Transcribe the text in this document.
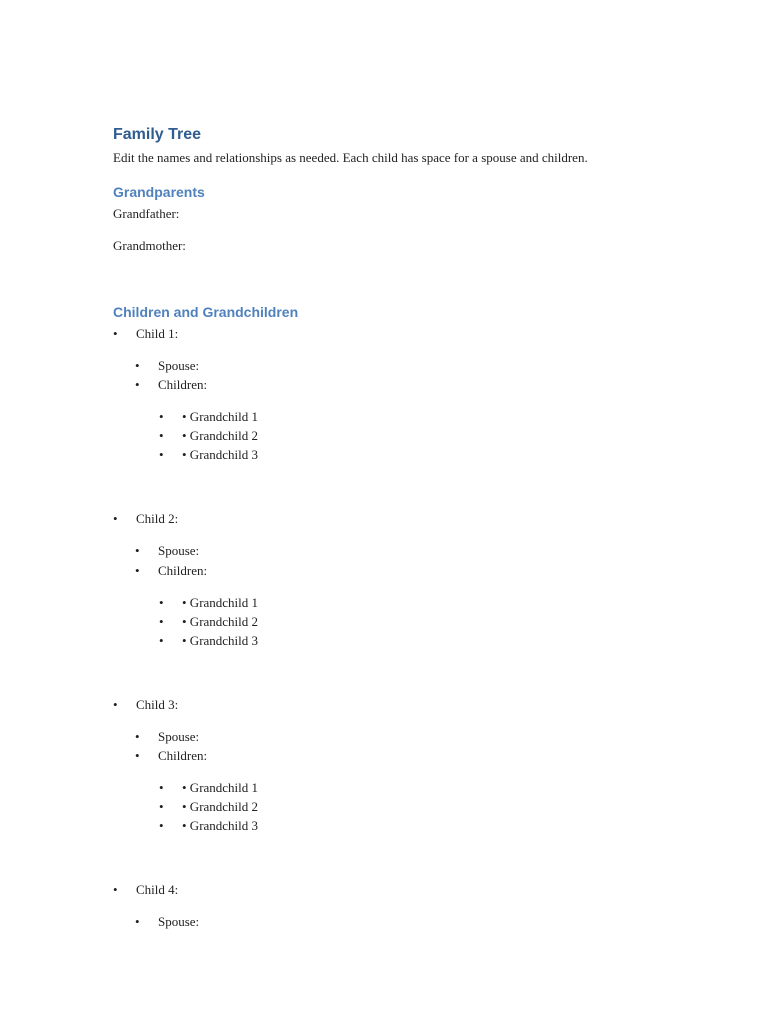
Family Tree

Edit the names and relationships as needed. Each child has space for a spouse and children.

Grandparents

Grandfather:

Grandmother:

Children and Grandchildren
• Child 1:
• Spouse:
• Children:
• • Grandchild 1
• • Grandchild 2
• • Grandchild 3
• Child 2:
• Spouse:
• Children:
• • Grandchild 1
• • Grandchild 2
• • Grandchild 3
• Child 3:
• Spouse:
• Children:
• • Grandchild 1
• • Grandchild 2
• • Grandchild 3
• Child 4:
• Spouse:
